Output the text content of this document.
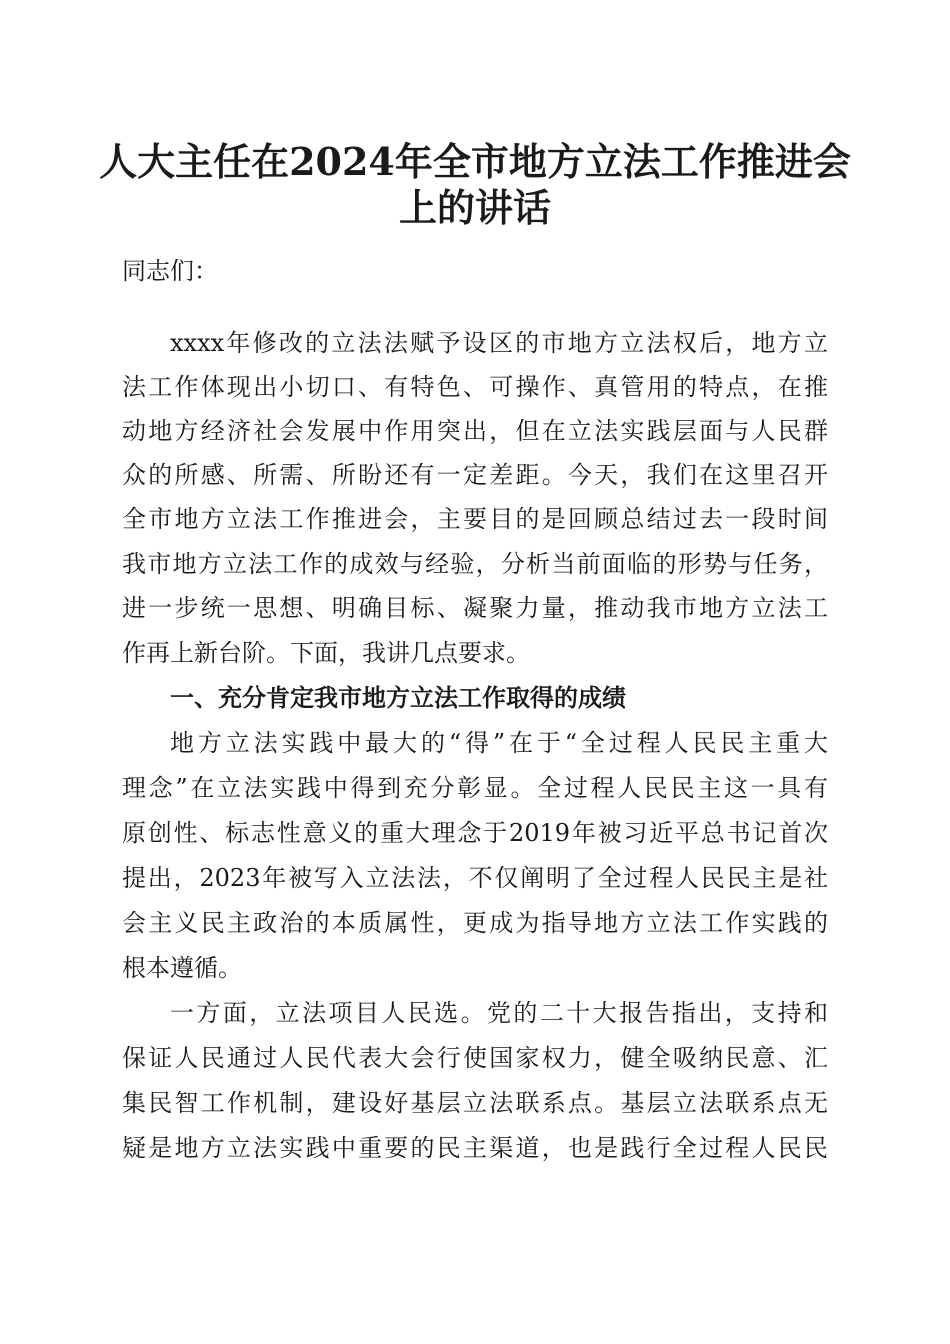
人大主任在2024年全市地方立法工作推进会
上的讲话

同志们：

xxxx年修改的立法法赋予设区的市地方立法权后，地方立

法工作体现出小切口、有特色、可操作、真管用的特点，在推

动地方经济社会发展中作用突出，但在立法实践层面与人民群

众的所感、所需、所盼还有一定差距。今天，我们在这里召开

全市地方立法工作推进会，主要目的是回顾总结过去一段时间

我市地方立法工作的成效与经验，分析当前面临的形势与任务，

进一步统一思想、明确目标、凝聚力量，推动我市地方立法工

作再上新台阶。下面，我讲几点要求。

一、充分肯定我市地方立法工作取得的成绩

地方立法实践中最大的“得”在于“全过程人民民主重大

理念”在立法实践中得到充分彰显。全过程人民民主这一具有

原创性、标志性意义的重大理念于2019年被习近平总书记首次

提出，2023年被写入立法法，不仅阐明了全过程人民民主是社

会主义民主政治的本质属性，更成为指导地方立法工作实践的

根本遵循。

一方面，立法项目人民选。党的二十大报告指出，支持和

保证人民通过人民代表大会行使国家权力，健全吸纳民意、汇

集民智工作机制，建设好基层立法联系点。基层立法联系点无

疑是地方立法实践中重要的民主渠道，也是践行全过程人民民
